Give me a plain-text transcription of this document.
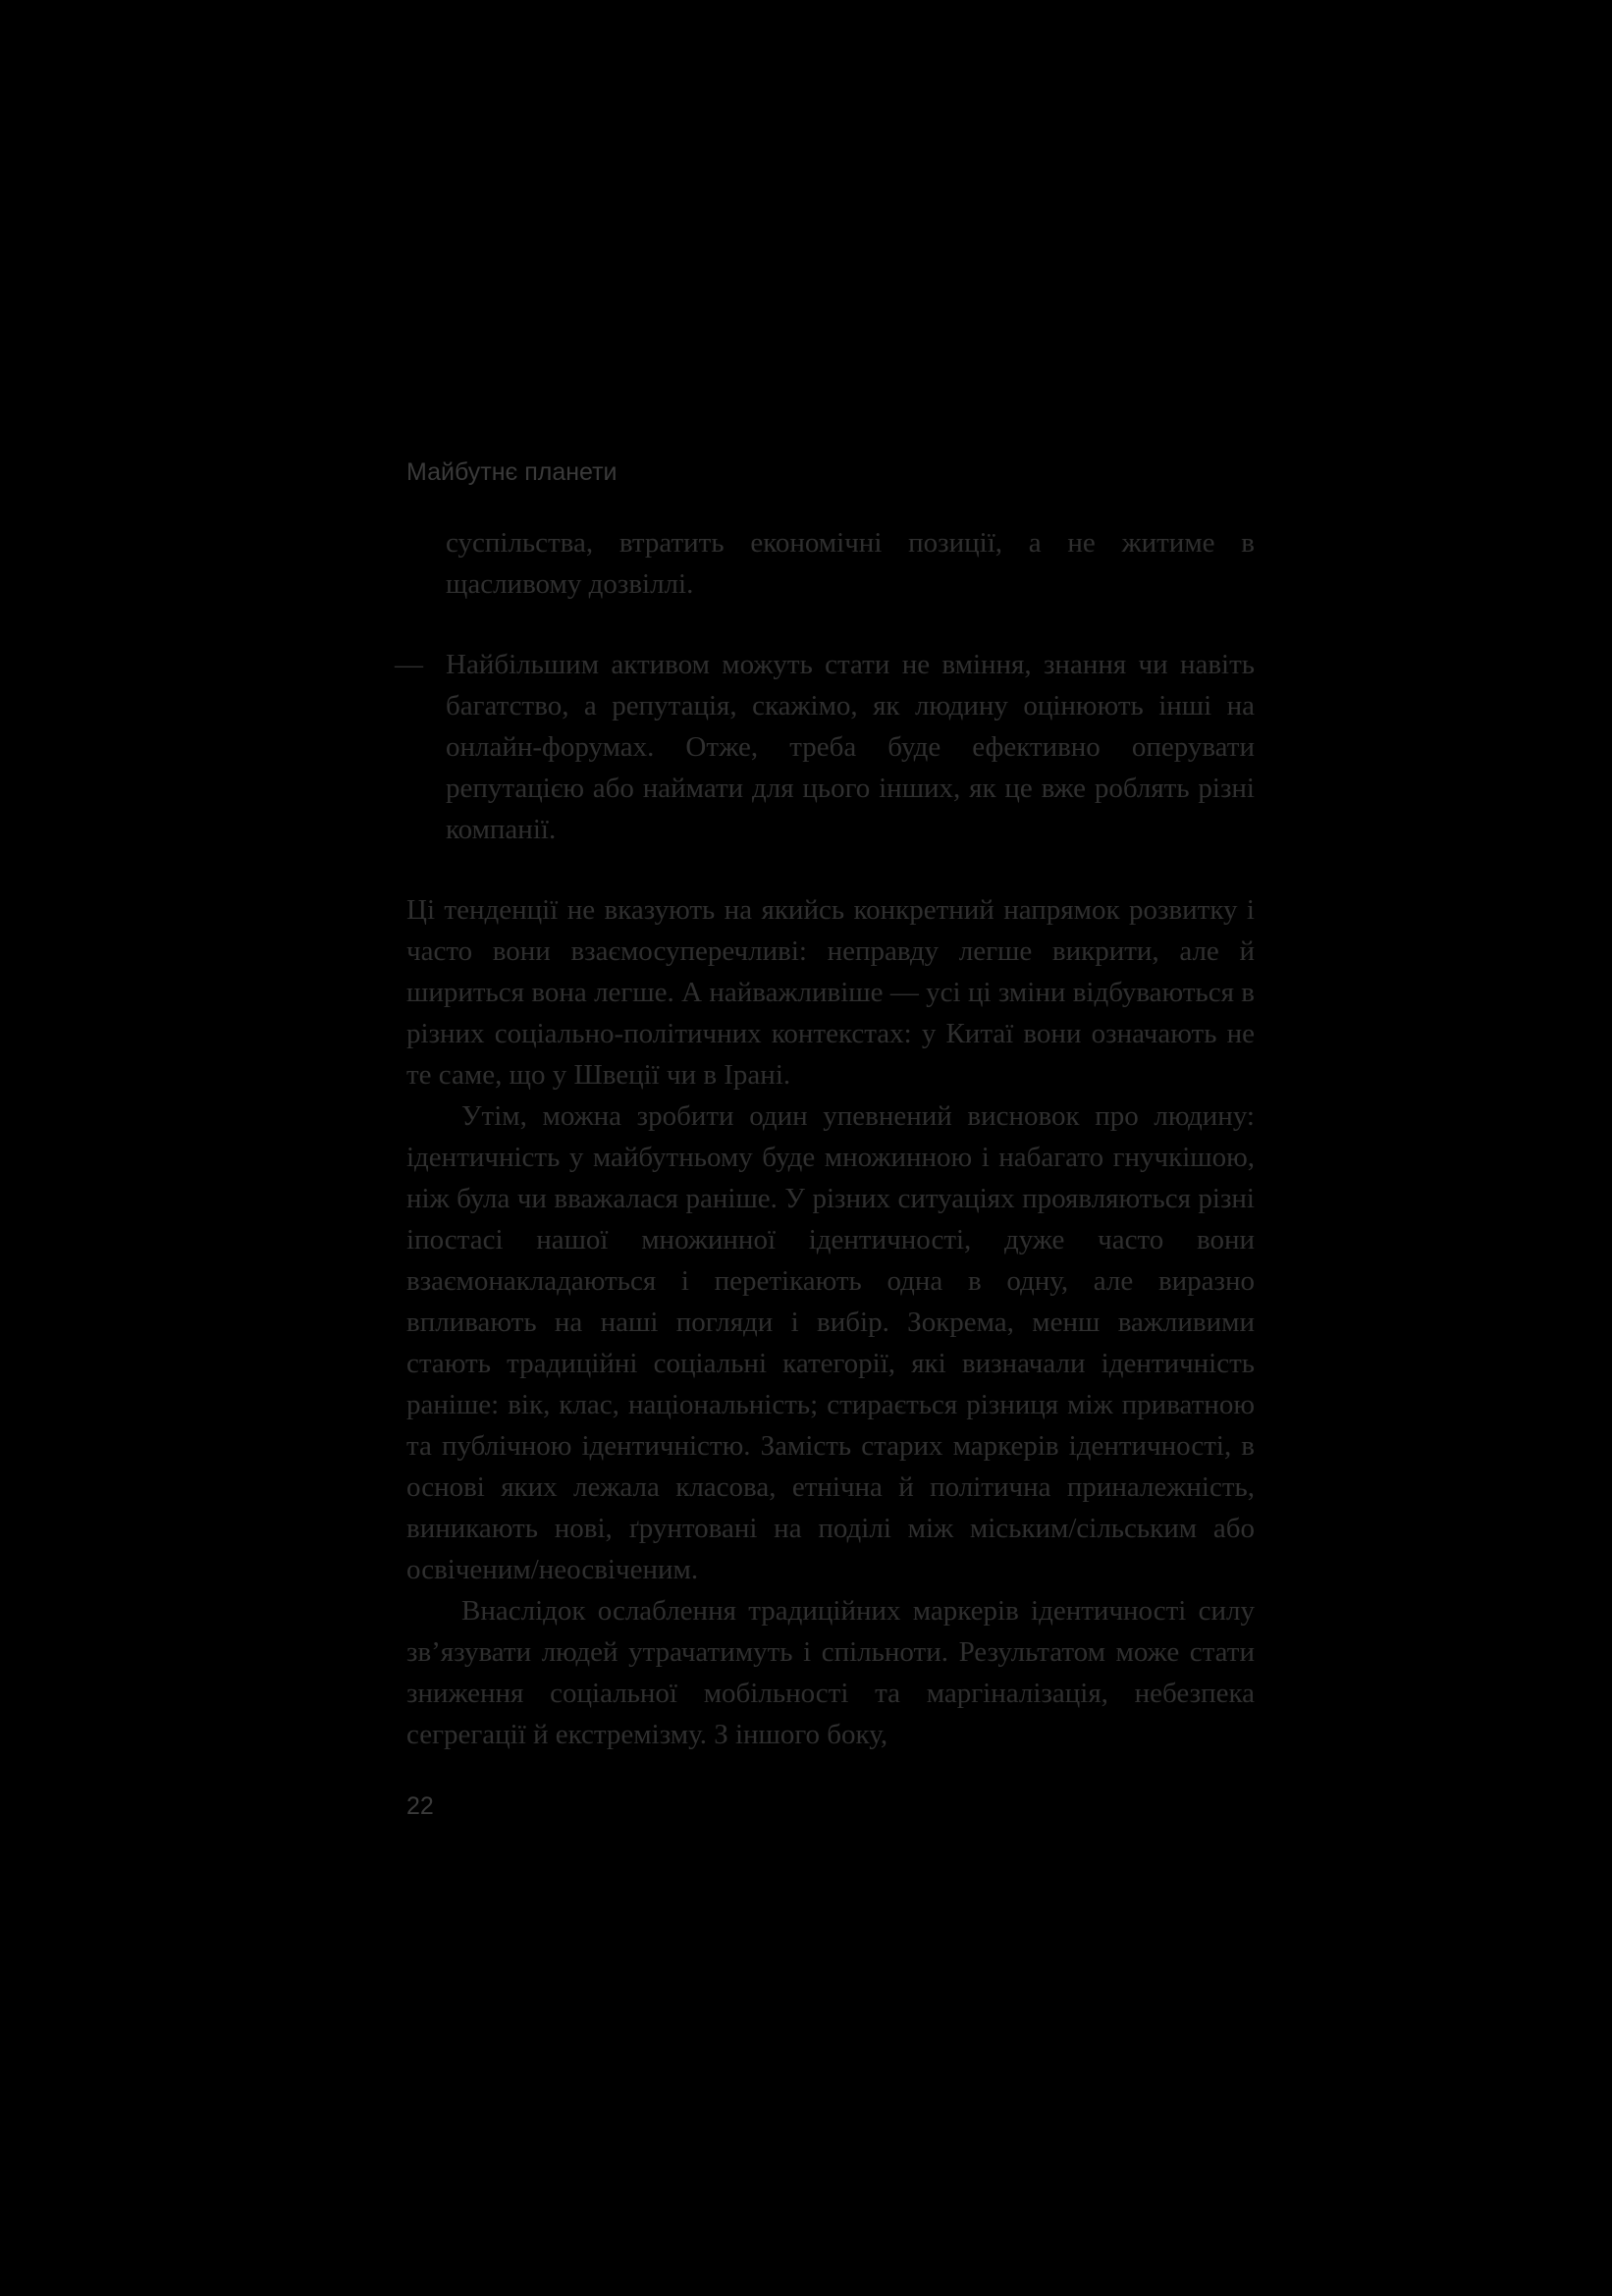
Майбутнє планети

суспільства, втратить економічні позиції, а не житиме в щасливому дозвіллі.

— Найбільшим активом можуть стати не вміння, знання чи навіть багатство, а репутація, скажімо, як людину оцінюють інші на онлайн-форумах. Отже, треба буде ефективно оперувати репутацією або наймати для цього інших, як це вже роблять різні компанії.

Ці тенденції не вказують на якийсь конкретний напрямок розвитку і часто вони взаємосуперечливі: неправду легше викрити, але й шириться вона легше. А найважливіше — усі ці зміни відбуваються в різних соціально-політичних контекстах: у Китаї вони означають не те саме, що у Швеції чи в Ірані.

Утім, можна зробити один упевнений висновок про людину: ідентичність у майбутньому буде множинною і набагато гнучкішою, ніж була чи вважалася раніше. У різних ситуаціях проявляються різні іпостасі нашої множинної ідентичності, дуже часто вони взаємонакладаються і перетікають одна в одну, але виразно впливають на наші погляди і вибір. Зокрема, менш важливими стають традиційні соціальні категорії, які визначали ідентичність раніше: вік, клас, національність; стирається різниця між приватною та публічною ідентичністю. Замість старих маркерів ідентичності, в основі яких лежала класова, етнічна й політична приналежність, виникають нові, ґрунтовані на поділі між міським/сільським або освіченим/неосвіченим.

Внаслідок ослаблення традиційних маркерів ідентичності силу зв’язувати людей утрачатимуть і спільноти. Результатом може стати зниження соціальної мобільності та маргіналізація, небезпека сегрегації й екстремізму. З іншого боку,

22
